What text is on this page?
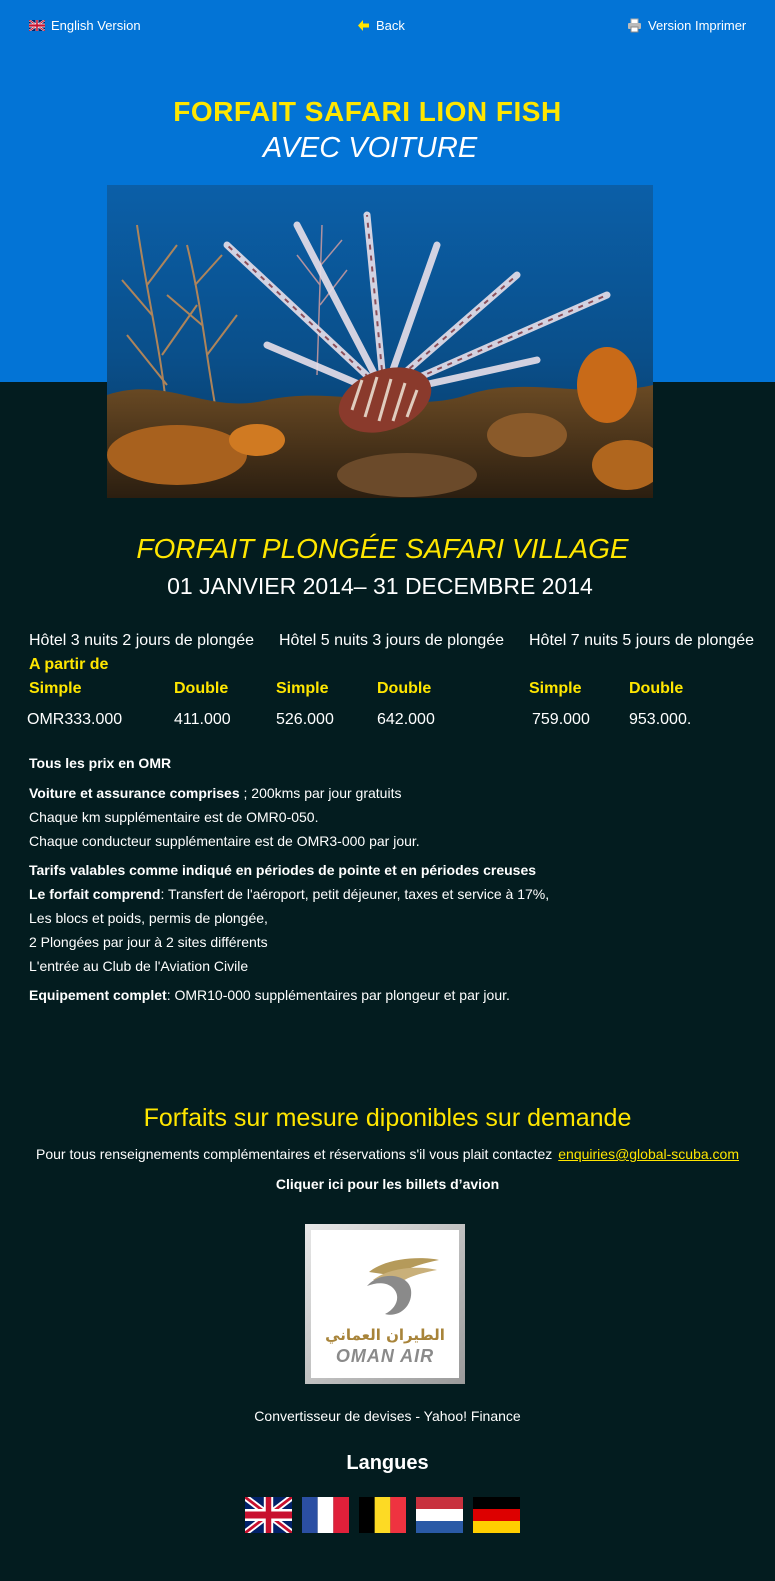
English Version	Back	Version Imprimer
FORFAIT SAFARI LION FISH
AVEC VOITURE
FORFAIT PLONGÉE SAFARI VILLAGE
01 JANVIER 2014– 31 DECEMBRE 2014
Hôtel 3 nuits 2 jours de plongée Hôtel 5 nuits 3 jours de plongée Hôtel 7 nuits 5 jours de plongée
A partir de
Simple	Double	Simple	Double	Simple	Double
OMR333.000	411.000	526.000	642.000	759.000 953.000.
Tous les prix en OMR
Voiture et assurance comprises ; 200kms par jour gratuits
Chaque km supplémentaire est de OMR0-050.
Chaque conducteur supplémentaire est de OMR3-000 par jour.
Tarifs valables comme indiqué en périodes de pointe et en périodes creuses
Le forfait comprend: Transfert de l'aéroport, petit déjeuner, taxes et service à 17%,
Les blocs et poids, permis de plongée,
2 Plongées par jour à 2 sites différents
L'entrée au Club de l'Aviation Civile
Equipement complet: OMR10-000 supplémentaires par plongeur et par jour.
Forfaits sur mesure diponibles sur demande
Pour tous renseignements complémentaires et réservations s'il vous plait contactez enquiries@global-scuba.com
Cliquer ici pour les billets d’avion
الطيران العماني
OMAN AIR
Convertisseur de devises - Yahoo! Finance
Langues
